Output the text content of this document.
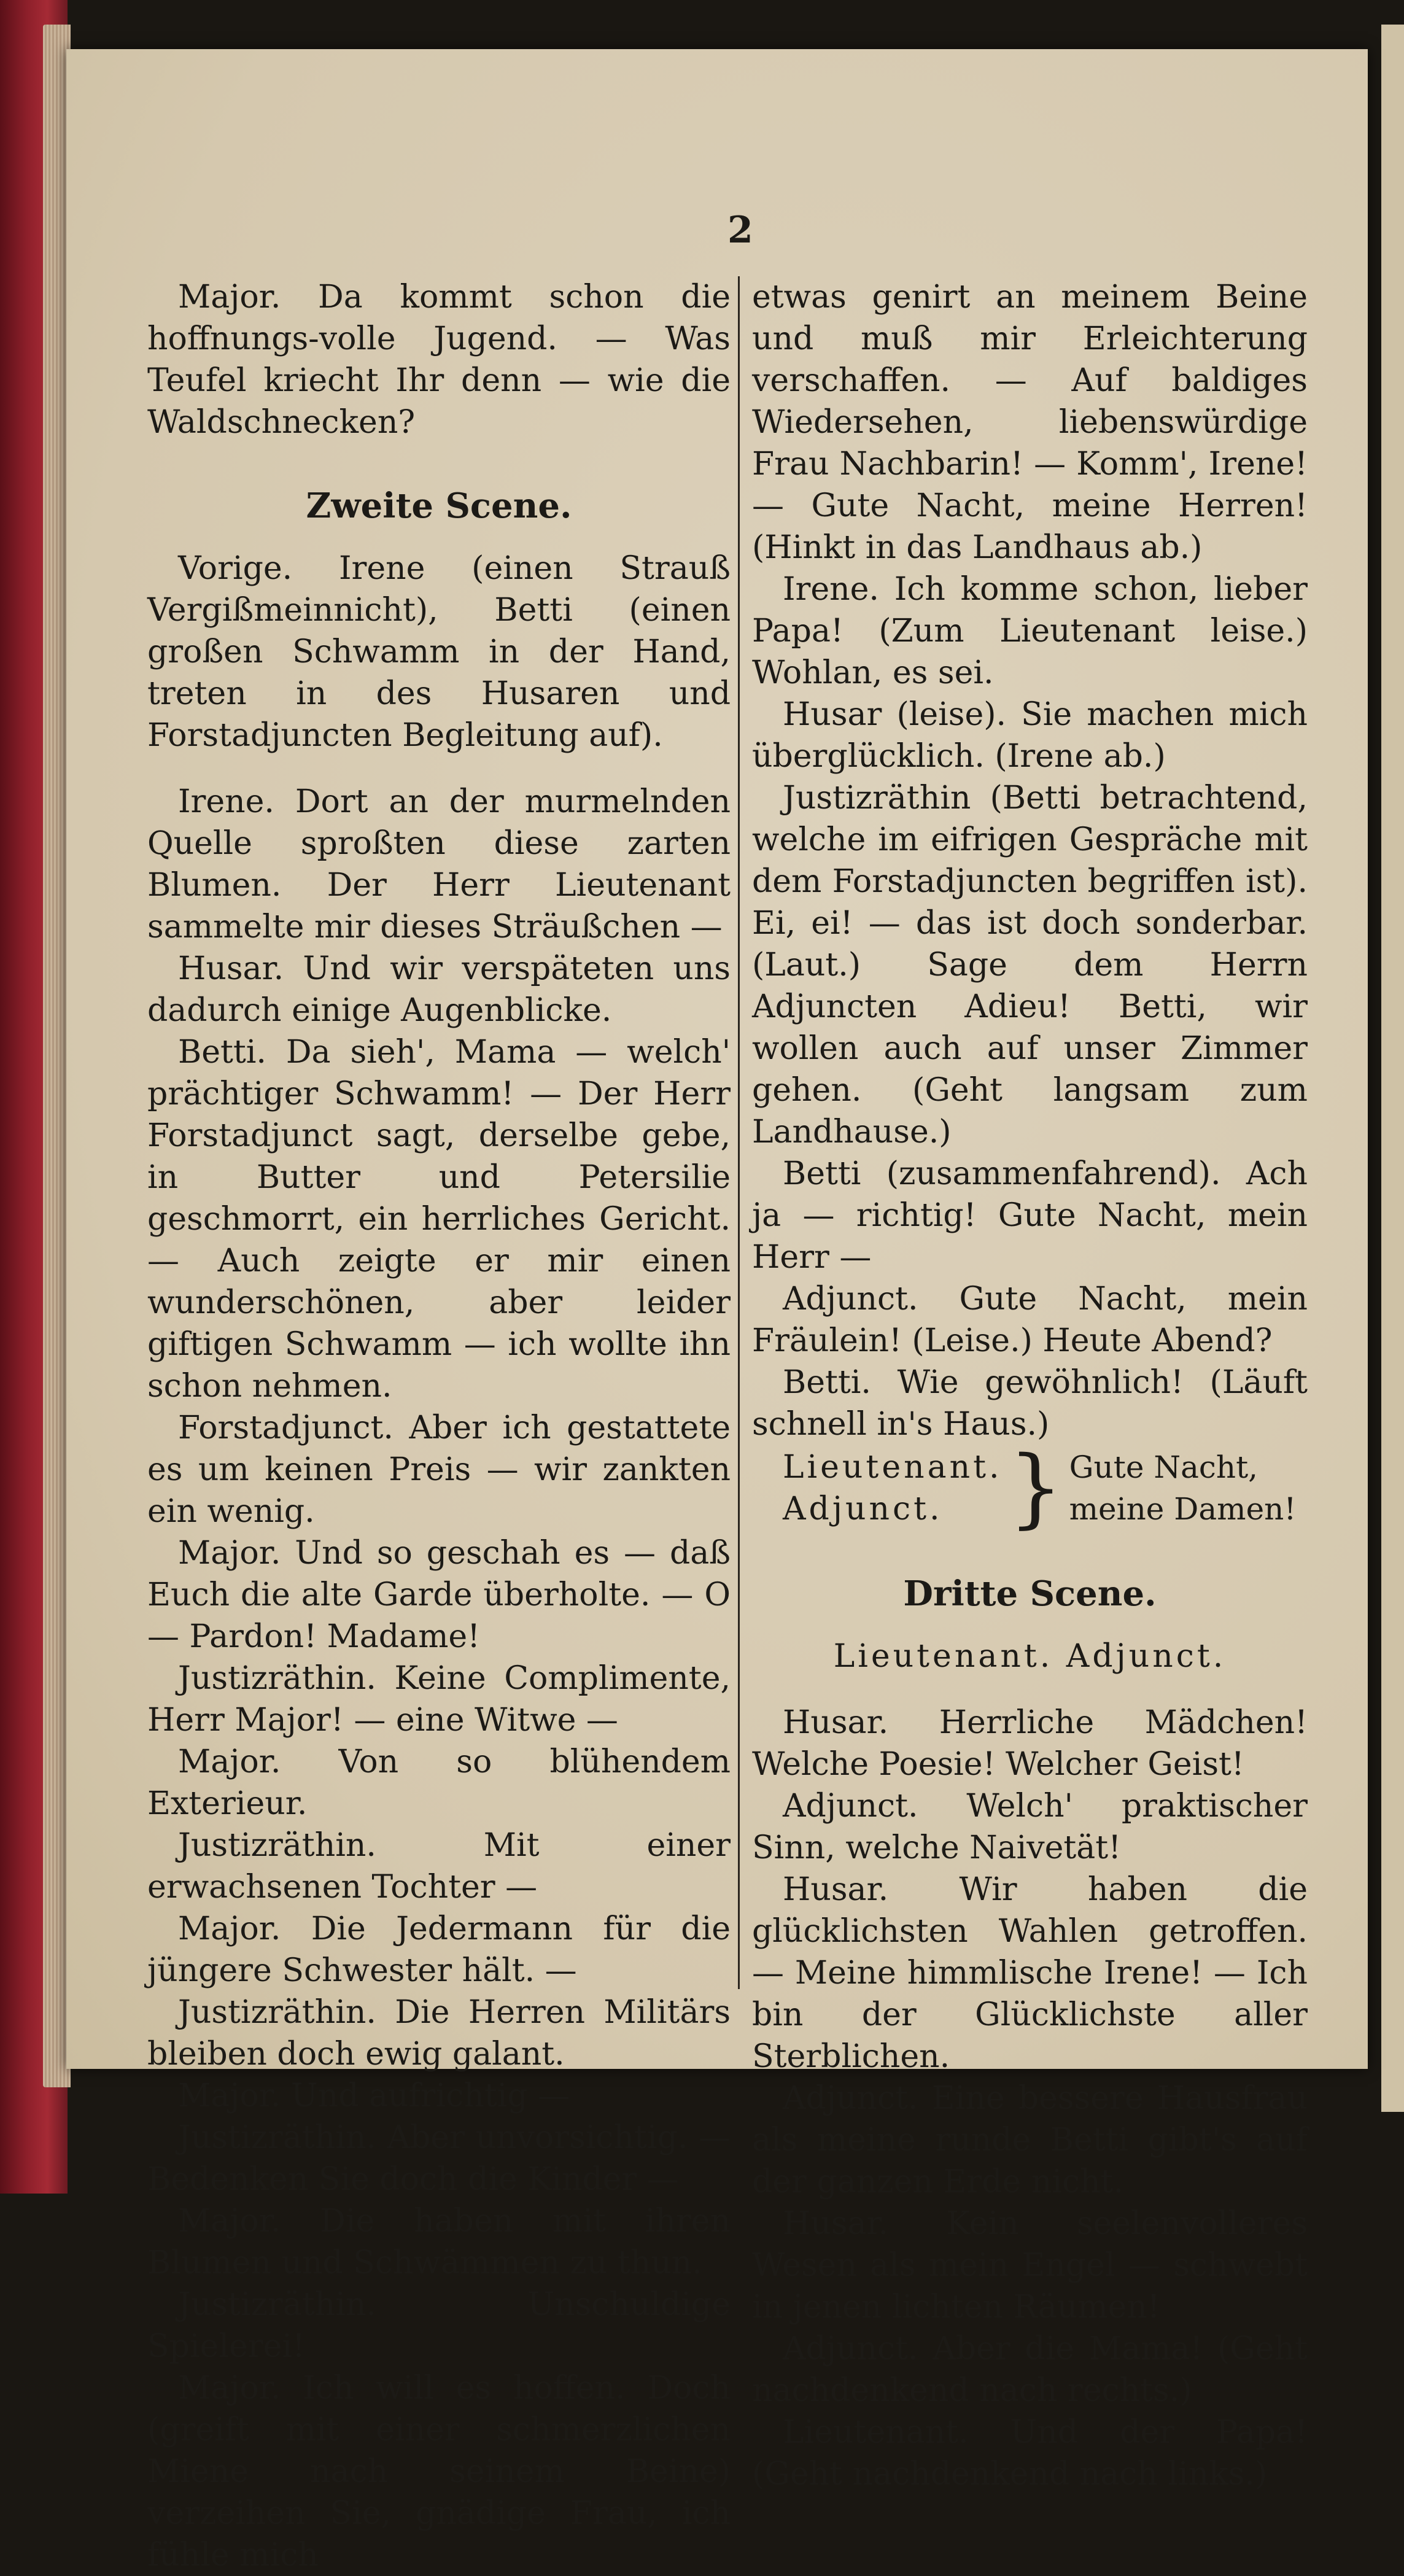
2

Major. Da kommt schon die hoffnungs-volle Jugend. — Was Teufel kriecht Ihr denn — wie die Waldschnecken?

Zweite Scene.

Vorige. Irene (einen Strauß Vergißmeinnicht), Betti (einen großen Schwamm in der Hand, treten in des Husaren und Forstadjuncten Begleitung auf).

Irene. Dort an der murmelnden Quelle sproßten diese zarten Blumen. Der Herr Lieutenant sammelte mir dieses Sträußchen —

Husar. Und wir verspäteten uns dadurch einige Augenblicke.

Betti. Da sieh', Mama — welch' prächtiger Schwamm! — Der Herr Forstadjunct sagt, derselbe gebe, in Butter und Petersilie geschmorrt, ein herrliches Gericht. — Auch zeigte er mir einen wunderschönen, aber leider giftigen Schwamm — ich wollte ihn schon nehmen.

Forstadjunct. Aber ich gestattete es um keinen Preis — wir zankten ein wenig.

Major. Und so geschah es — daß Euch die alte Garde überholte. — O — Pardon! Madame!

Justizräthin. Keine Complimente, Herr Major! — eine Witwe —

Major. Von so blühendem Exterieur.

Justizräthin. Mit einer erwachsenen Tochter —

Major. Die Jedermann für die jüngere Schwester hält. —

Justizräthin. Die Herren Militärs bleiben doch ewig galant.

Major. Und aufrichtig —

Justizräthin. Aber unvorsichtig. — Bedenken Sie doch die Kinder —

Major. Die haben mit ihren Blumen und Schwämmen zu thun.

Justizräthin. Unschuldige Spielerei!

Major. Ich will es hoffen. Doch (greift mit einer schmerzlichen Miene nach seinem Beine) verzeihen Sie, gnädige Frau, ich fühle mich

etwas genirt an meinem Beine und muß mir Erleichterung verschaffen. — Auf baldiges Wiedersehen, liebenswürdige Frau Nachbarin! — Komm', Irene! — Gute Nacht, meine Herren! (Hinkt in das Landhaus ab.)

Irene. Ich komme schon, lieber Papa! (Zum Lieutenant leise.) Wohlan, es sei.

Husar (leise). Sie machen mich überglücklich. (Irene ab.)

Justizräthin (Betti betrachtend, welche im eifrigen Gespräche mit dem Forstadjuncten begriffen ist). Ei, ei! — das ist doch sonderbar. (Laut.) Sage dem Herrn Adjuncten Adieu! Betti, wir wollen auch auf unser Zimmer gehen. (Geht langsam zum Landhause.)

Betti (zusammenfahrend). Ach ja — richtig! Gute Nacht, mein Herr —

Adjunct. Gute Nacht, mein Fräulein! (Leise.) Heute Abend?

Betti. Wie gewöhnlich! (Läuft schnell in's Haus.)

Lieutenant.
Adjunct. } Gute Nacht, meine Damen!

Dritte Scene.

Lieutenant. Adjunct.

Husar. Herrliche Mädchen! Welche Poesie! Welcher Geist!

Adjunct. Welch' praktischer Sinn, welche Naivetät!

Husar. Wir haben die glücklichsten Wahlen getroffen. — Meine himmlische Irene! — Ich bin der Glücklichste aller Sterblichen.

Adjunct. Eine bessere Hausfrau als meine runde Betti gibt's auf der ganzen Erde nicht.

Husar. Kein seelenvolleres Wesen als mein Engel — schwebt in jenen lichten Räumen!

Adjunct. Aber die Mama! (Geht nachdenkend nach rechts.)

Lieutenant. Und der Papa! (Geht nachdenkend nach links.)
